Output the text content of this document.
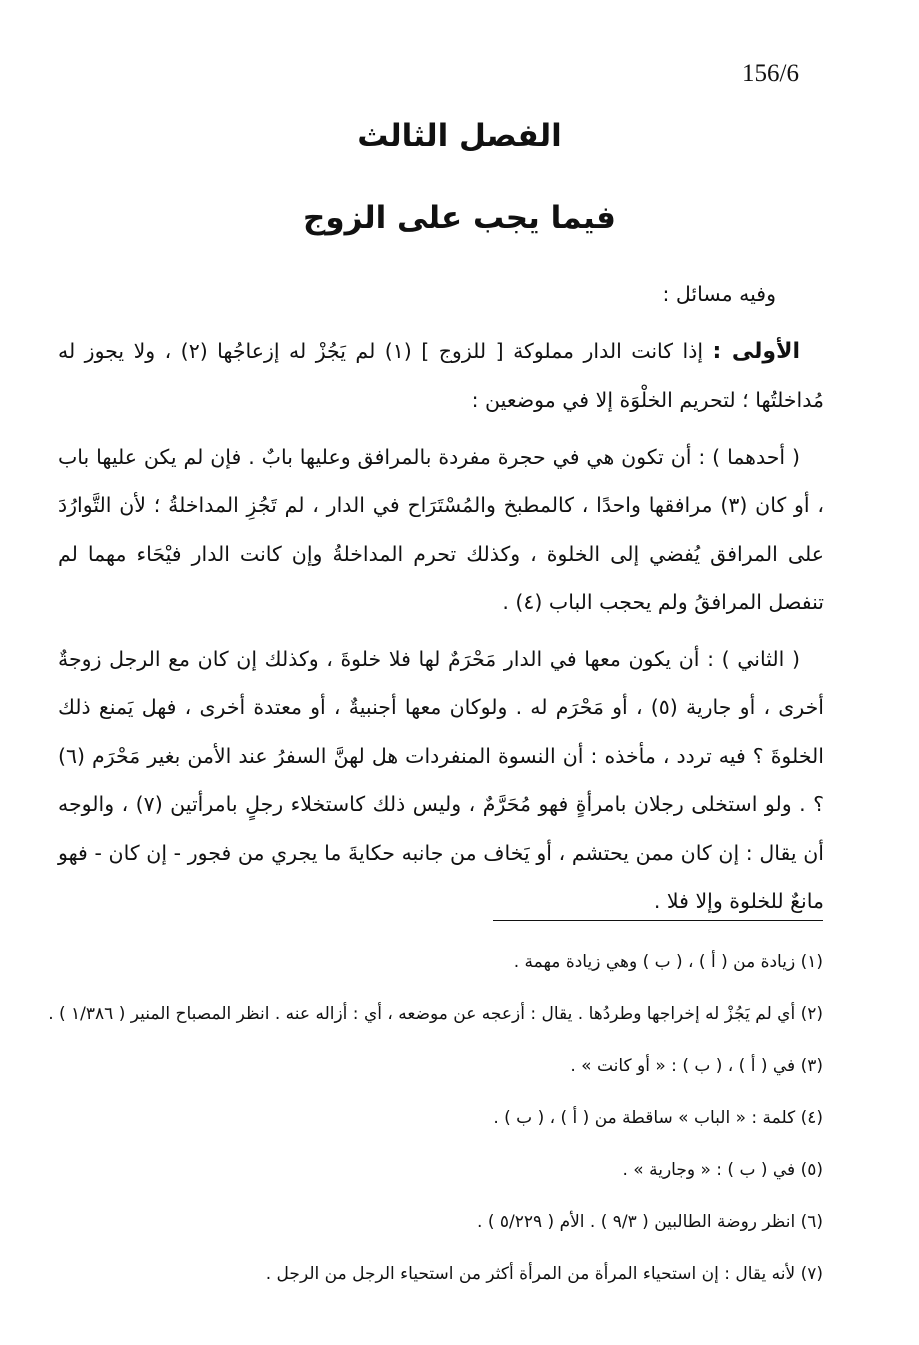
156/6
الفصل الثالث
فيما يجب على الزوج

وفيه مسائل :

الأولى : إذا كانت الدار مملوكة [ للزوج ] (١) لم يَجُزْ له إزعاجُها (٢) ، ولا يجوز له مُداخلتُها ؛ لتحريم الخلْوَة إلا في موضعين :

( أحدهما ) : أن تكون هي في حجرة مفردة بالمرافق وعليها بابٌ . فإن لم يكن عليها باب ، أو كان (٣) مرافقها واحدًا ، كالمطبخ والمُسْتَرَاح في الدار ، لم تَجُزِ المداخلةُ ؛ لأن التَّوارُدَ على المرافق يُفضي إلى الخلوة ، وكذلك تحرم المداخلةُ وإن كانت الدار فيْحَاء مهما لم تنفصل المرافقُ ولم يحجب الباب (٤) .

( الثاني ) : أن يكون معها في الدار مَحْرَمٌ لها فلا خلوةَ ، وكذلك إن كان مع الرجل زوجةٌ أخرى ، أو جارية (٥) ، أو مَحْرَم له . ولوكان معها أجنبيةٌ ، أو معتدة أخرى ، فهل يَمنع ذلك الخلوةَ ؟ فيه تردد ، مأخذه : أن النسوة المنفردات هل لهنَّ السفرُ عند الأمن بغير مَحْرَم (٦) ؟ . ولو استخلى رجلان بامرأةٍ فهو مُحَرَّمٌ ، وليس ذلك كاستخلاء رجلٍ بامرأتين (٧) ، والوجه أن يقال : إن كان ممن يحتشم ، أو يَخاف من جانبه حكايةَ ما يجري من فجور - إن كان - فهو مانعٌ للخلوة وإلا فلا .

(١) زيادة من ( أ ) ، ( ب ) وهي زيادة مهمة .
(٢) أي لم يَجُزْ له إخراجها وطردُها . يقال : أزعجه عن موضعه ، أي : أزاله عنه . انظر المصباح المنير ( ١/٣٨٦ ) .
(٣) في ( أ ) ، ( ب ) : « أو كانت » .
(٤) كلمة : « الباب » ساقطة من ( أ ) ، ( ب ) .
(٥) في ( ب ) : « وجارية » .
(٦) انظر روضة الطالبين ( ٩/٣ ) . الأم ( ٥/٢٢٩ ) .
(٧) لأنه يقال : إن استحياء المرأة من المرأة أكثر من استحياء الرجل من الرجل .
